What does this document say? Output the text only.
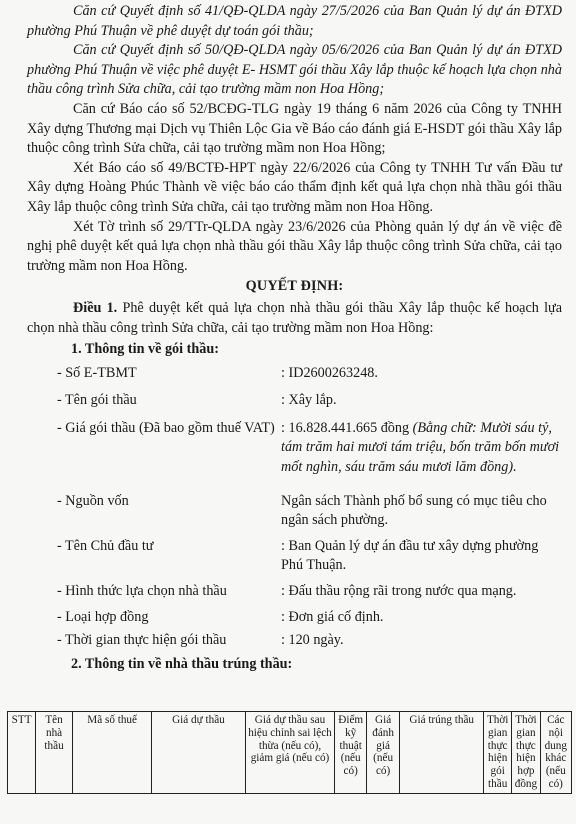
Căn cứ Quyết định số 41/QĐ-QLDA ngày 27/5/2026 của Ban Quản lý dự án ĐTXD phường Phú Thuận về phê duyệt dự toán gói thầu;

Căn cứ Quyết định số 50/QĐ-QLDA ngày 05/6/2026 của Ban Quản lý dự án ĐTXD phường Phú Thuận về việc phê duyệt E- HSMT gói thầu Xây lắp thuộc kế hoạch lựa chọn nhà thầu công trình Sửa chữa, cải tạo trường mầm non Hoa Hồng;

Căn cứ Báo cáo số 52/BCĐG-TLG ngày 19 tháng 6 năm 2026 của Công ty TNHH Xây dựng Thương mại Dịch vụ Thiên Lộc Gia về Báo cáo đánh giá E-HSDT gói thầu Xây lắp thuộc công trình Sửa chữa, cải tạo trường mầm non Hoa Hồng;

Xét Báo cáo số 49/BCTĐ-HPT ngày 22/6/2026 của Công ty TNHH Tư vấn Đầu tư Xây dựng Hoàng Phúc Thành về việc báo cáo thẩm định kết quả lựa chọn nhà thầu gói thầu Xây lắp thuộc công trình Sửa chữa, cải tạo trường mầm non Hoa Hồng.

Xét Tờ trình số 29/TTr-QLDA ngày 23/6/2026 của Phòng quản lý dự án về việc đề nghị phê duyệt kết quả lựa chọn nhà thầu gói thầu Xây lắp thuộc công trình Sửa chữa, cải tạo trường mầm non Hoa Hồng.

QUYẾT ĐỊNH:

Điều 1. Phê duyệt kết quả lựa chọn nhà thầu gói thầu Xây lắp thuộc kế hoạch lựa chọn nhà thầu công trình Sửa chữa, cải tạo trường mầm non Hoa Hồng:

1. Thông tin về gói thầu:
- Số E-TBMT	: ID2600263248.
- Tên gói thầu	: Xây lắp.
- Giá gói thầu (Đã bao gồm thuế VAT) : 16.828.441.665 đồng (Bằng chữ: Mười sáu tỷ, tám trăm hai mươi tám triệu, bốn trăm bốn mươi mốt nghìn, sáu trăm sáu mươi lăm đồng).
- Nguồn vốn	Ngân sách Thành phố bổ sung có mục tiêu cho ngân sách phường.
- Tên Chủ đầu tư	: Ban Quản lý dự án đầu tư xây dựng phường Phú Thuận.
- Hình thức lựa chọn nhà thầu	: Đấu thầu rộng rãi trong nước qua mạng.
- Loại hợp đồng	: Đơn giá cố định.
- Thời gian thực hiện gói thầu	: 120 ngày.
2. Thông tin về nhà thầu trúng thầu:
STT	Tên nhà thầu	Mã số thuế	Giá dự thầu	Giá dự thầu sau hiệu chỉnh sai lệch thừa (nếu có), giảm giá (nếu có)	Điểm kỹ thuật (nếu có)	Giá đánh giá (nếu có)	Giá trúng thầu	Thời gian thực hiện gói thầu	Thời gian thực hiện hợp đồng	Các nội dung khác (nếu có)
